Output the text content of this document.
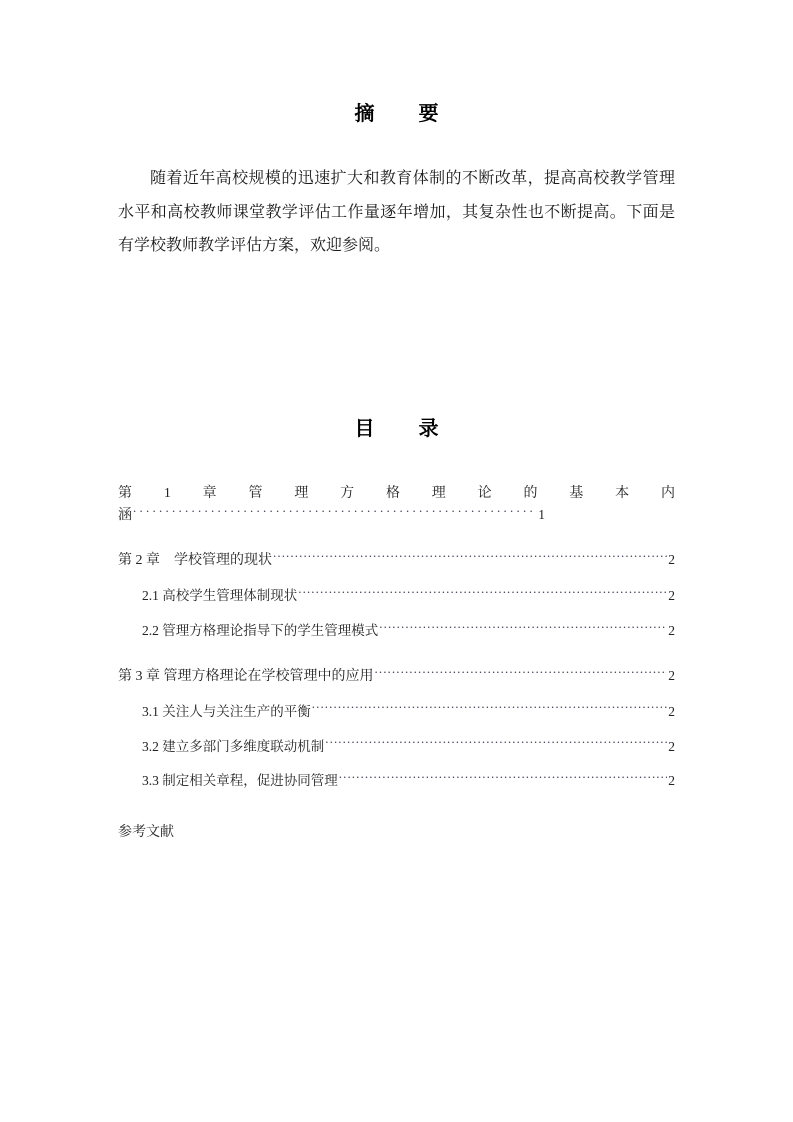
摘　要

随着近年高校规模的迅速扩大和教育体制的不断改革，提高高校教学管理水平和高校教师课堂教学评估工作量逐年增加，其复杂性也不断提高。下面是有学校教师教学评估方案，欢迎参阅。

目　录
第 1 章 管 理 方 格 理 论 的 基 本 内
涵 . . .	1
第 2 章　学校管理的现状 .....	2
2.1 高校学生管理体制现状 .....	2
2.2 管理方格理论指导下的学生管理模式 .....	2
第 3 章 管理方格理论在学校管理中的应用 .....	2
3.1 关注人与关注生产的平衡 .....	2
3.2 建立多部门多维度联动机制 .....	2
3.3 制定相关章程，促进协同管理 .....	2
参考文献
